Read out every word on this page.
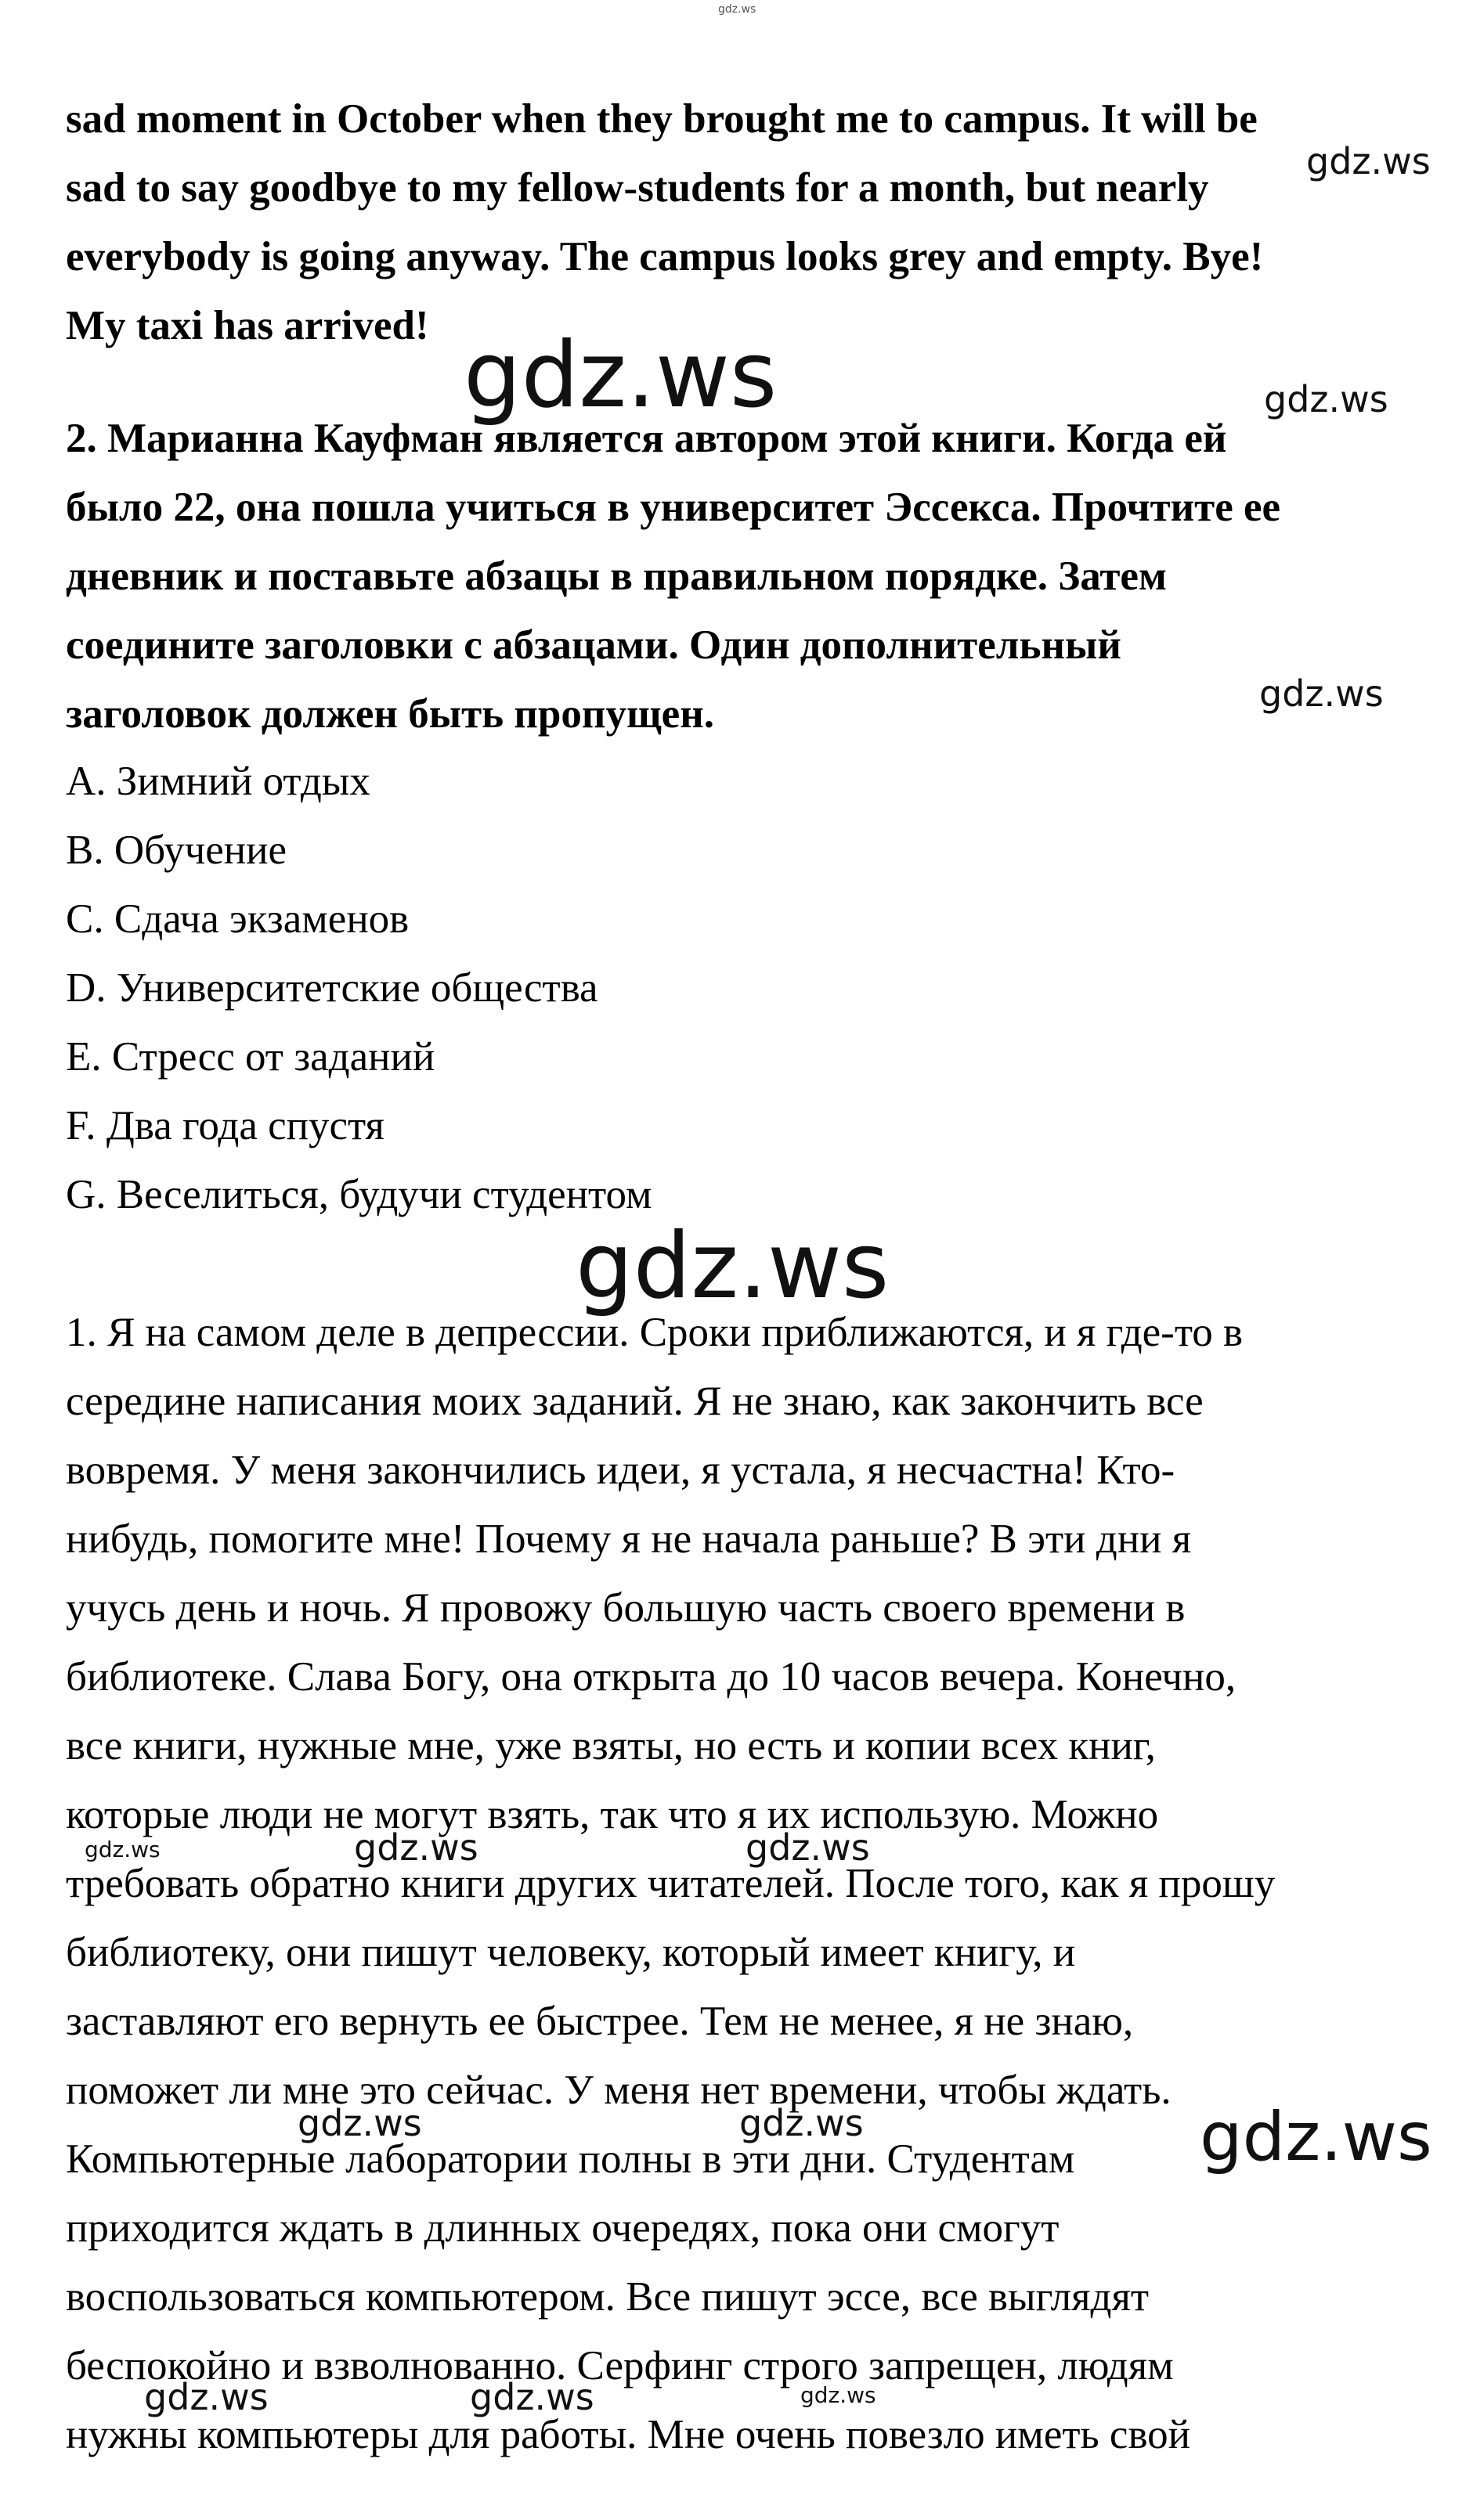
gdz.ws
sad moment in October when they brought me to campus. It will be
sad to say goodbye to my fellow-students for a month, but nearly
everybody is going anyway. The campus looks grey and empty. Bye!
My taxi has arrived!
2. Марианна Кауфман является автором этой книги. Когда ей
было 22, она пошла учиться в университет Эссекса. Прочтите ее
дневник и поставьте абзацы в правильном порядке. Затем
соедините заголовки с абзацами. Один дополнительный
заголовок должен быть пропущен.
A. Зимний отдых
B. Обучение
C. Сдача экзаменов
D. Университетские общества
E. Стресс от заданий
F. Два года спустя
G. Веселиться, будучи студентом
1. Я на самом деле в депрессии. Сроки приближаются, и я где-то в
середине написания моих заданий. Я не знаю, как закончить все
вовремя. У меня закончились идеи, я устала, я несчастна! Кто-
нибудь, помогите мне! Почему я не начала раньше? В эти дни я
учусь день и ночь. Я провожу большую часть своего времени в
библиотеке. Слава Богу, она открыта до 10 часов вечера. Конечно,
все книги, нужные мне, уже взяты, но есть и копии всех книг,
которые люди не могут взять, так что я их использую. Можно
требовать обратно книги других читателей. После того, как я прошу
библиотеку, они пишут человеку, который имеет книгу, и
заставляют его вернуть ее быстрее. Тем не менее, я не знаю,
поможет ли мне это сейчас. У меня нет времени, чтобы ждать.
Компьютерные лаборатории полны в эти дни. Студентам
приходится ждать в длинных очередях, пока они смогут
воспользоваться компьютером. Все пишут эссе, все выглядят
беспокойно и взволнованно. Серфинг строго запрещен, людям
нужны компьютеры для работы. Мне очень повезло иметь свой
gdz.ws
gdz.ws	gdz.ws
gdz.ws
gdz.ws
gdz.ws	gdz.ws	gdz.ws
gdz.ws	gdz.ws	gdz.ws
gdz.ws	gdz.ws	gdz.ws
